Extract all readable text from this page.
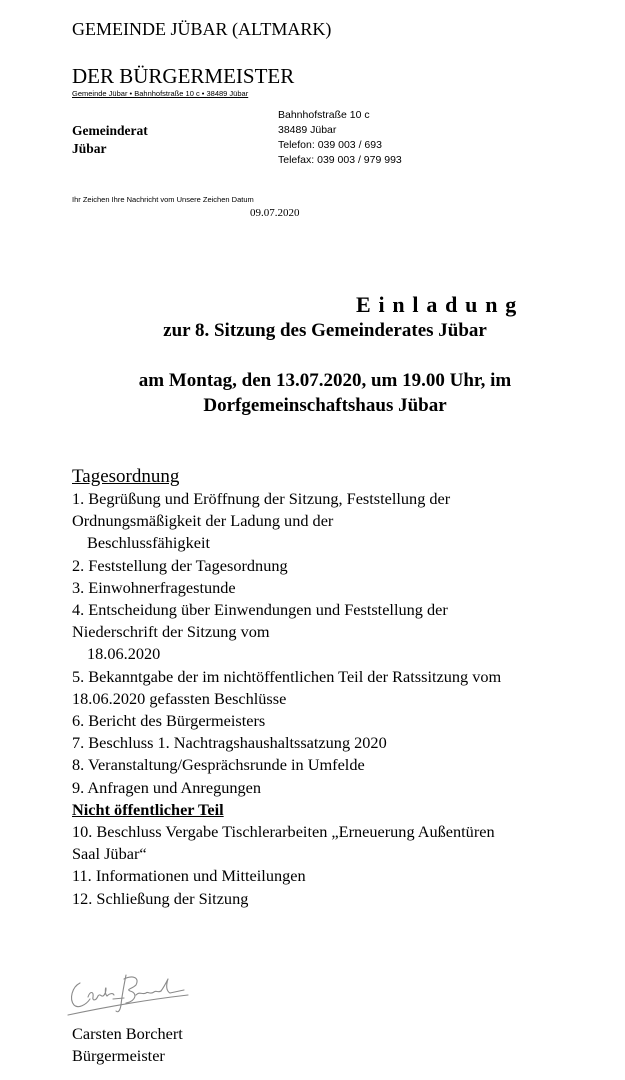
GEMEINDE JÜBAR (ALTMARK)

DER BÜRGERMEISTER

Gemeinde Jübar • Bahnhofstraße 10 c • 38489 Jübar

Gemeinderat
Jübar
Bahnhofstraße 10 c
38489 Jübar
Telefon: 039 003 / 693
Telefax: 039 003 / 979 993

Ihr Zeichen Ihre Nachricht vom Unsere Zeichen Datum

09.07.2020

Einladung

zur 8. Sitzung des Gemeinderates Jübar

am Montag, den 13.07.2020, um 19.00 Uhr, im

Dorfgemeinschaftshaus Jübar

Tagesordnung

1. Begrüßung und Eröffnung der Sitzung, Feststellung der
Ordnungsmäßigkeit der Ladung und der
Beschlussfähigkeit
2. Feststellung der Tagesordnung
3. Einwohnerfragestunde
4. Entscheidung über Einwendungen und Feststellung der
Niederschrift der Sitzung vom
18.06.2020
5. Bekanntgabe der im nichtöffentlichen Teil der Ratssitzung vom
18.06.2020 gefassten Beschlüsse
6. Bericht des Bürgermeisters
7. Beschluss 1. Nachtragshaushaltssatzung 2020
8. Veranstaltung/Gesprächsrunde in Umfelde
9. Anfragen und Anregungen
Nicht öffentlicher Teil
10. Beschluss Vergabe Tischlerarbeiten „Erneuerung Außentüren
Saal Jübar“
11. Informationen und Mitteilungen
12. Schließung der Sitzung

Carsten Borchert

Bürgermeister
